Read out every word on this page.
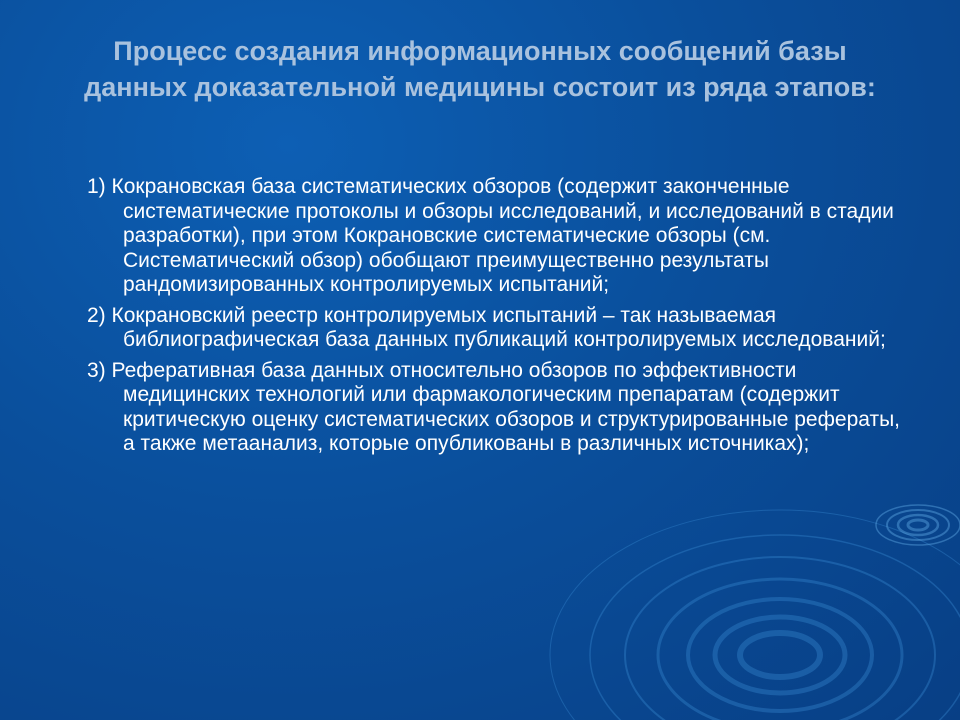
Процесс создания информационных сообщений базы данных доказательной медицины состоит из ряда этапов:
1) Кокрановская база систематических обзоров (содержит законченные систематические протоколы и обзоры исследований, и исследований в стадии разработки), при этом Кокрановские систематические обзоры (см. Систематический обзор) обобщают преимущественно результаты рандомизированных контролируемых испытаний;
2) Кокрановский реестр контролируемых испытаний – так называемая библиографическая база данных публикаций контролируемых исследований;
3) Реферативная база данных относительно обзоров по эффективности медицинских технологий или фармакологическим препаратам (содержит критическую оценку систематических обзоров и структурированные рефераты, а также метаанализ, которые опубликованы в различных источниках);
